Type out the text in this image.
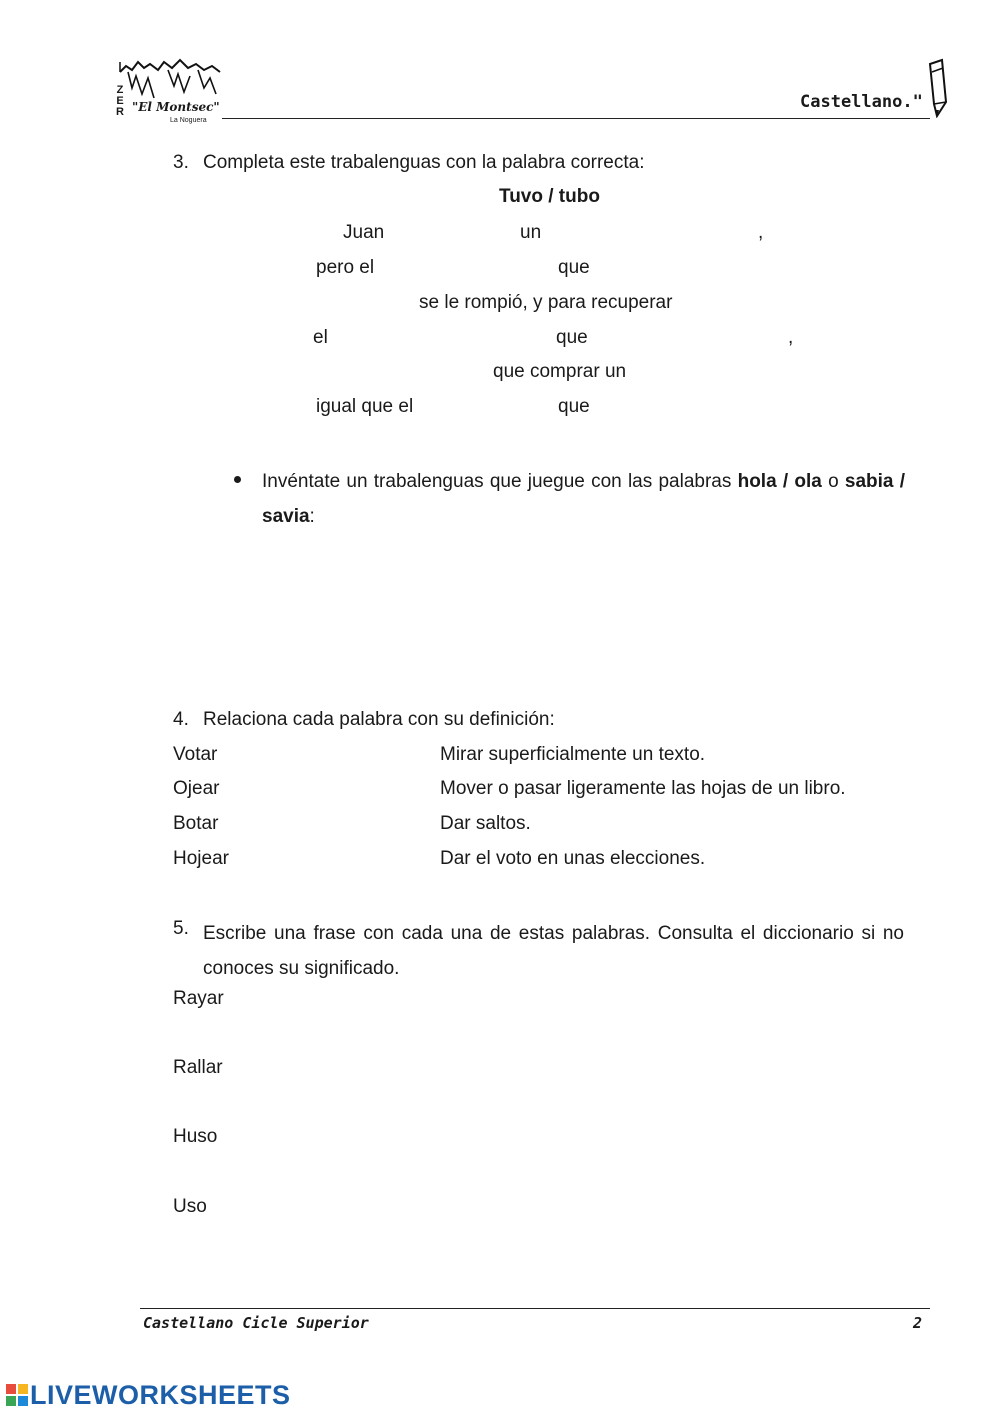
Z
E
R "El Montsec"
La Noguera
Castellano."
3. Completa este trabalenguas con la palabra correcta:
Tuvo / tubo
Juan	un	,
pero el	que
se le rompió, y para recuperar
el	que	,
que comprar un
igual que el	que
Invéntate un trabalenguas que juegue con las palabras hola / ola o sabia / savia:
4. Relaciona cada palabra con su definición:
Votar	Mirar superficialmente un texto.
Ojear	Mover o pasar ligeramente las hojas de un libro.
Botar	Dar saltos.
Hojear	Dar el voto en unas elecciones.
5. Escribe una frase con cada una de estas palabras. Consulta el diccionario si no conoces su significado.
Rayar
Rallar
Huso
Uso
Castellano Cicle Superior	2
LIVEWORKSHEETS
